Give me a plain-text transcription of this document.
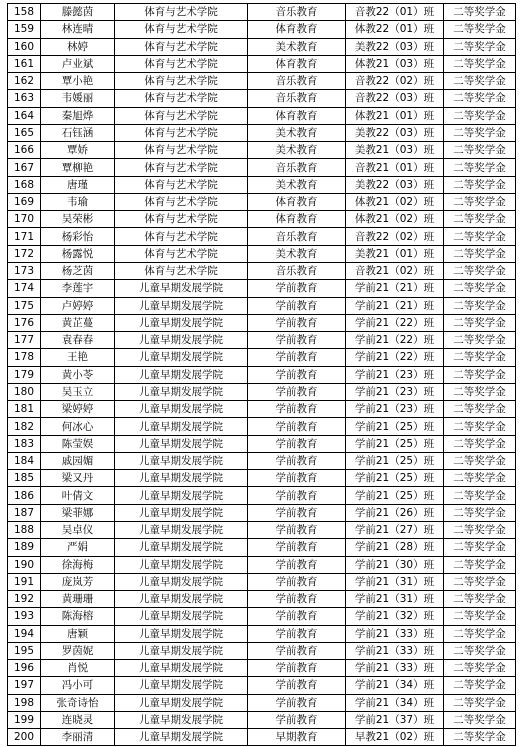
158	滕懿茵	体育与艺术学院	音乐教育	音教22（01）班	二等奖学金
159	林连晴	体育与艺术学院	体育教育	体教22（01）班	二等奖学金
160	林婷	体育与艺术学院	美术教育	美教22（03）班	二等奖学金
161	卢业斌	体育与艺术学院	体育教育	体教21（03）班	二等奖学金
162	覃小艳	体育与艺术学院	音乐教育	音教22（02）班	二等奖学金
163	韦媛丽	体育与艺术学院	音乐教育	音教22（03）班	二等奖学金
164	秦旭烨	体育与艺术学院	体育教育	体教21（01）班	二等奖学金
165	石钰涵	体育与艺术学院	美术教育	美教22（03）班	二等奖学金
166	覃娇	体育与艺术学院	美术教育	美教21（03）班	二等奖学金
167	覃柳艳	体育与艺术学院	音乐教育	音教21（01）班	二等奖学金
168	唐瑾	体育与艺术学院	美术教育	美教22（03）班	二等奖学金
169	韦瑜	体育与艺术学院	体育教育	体教21（02）班	二等奖学金
170	吴荣彬	体育与艺术学院	体育教育	体教21（02）班	二等奖学金
171	杨彩怡	体育与艺术学院	音乐教育	音教22（02）班	二等奖学金
172	杨露悦	体育与艺术学院	美术教育	美教21（01）班	二等奖学金
173	杨芝茵	体育与艺术学院	音乐教育	音教21（02）班	二等奖学金
174	李莲宇	儿童早期发展学院	学前教育	学前21（21）班	二等奖学金
175	卢婷婷	儿童早期发展学院	学前教育	学前21（21）班	二等奖学金
176	黄芷蔓	儿童早期发展学院	学前教育	学前21（22）班	二等奖学金
177	袁春春	儿童早期发展学院	学前教育	学前21（22）班	二等奖学金
178	王艳	儿童早期发展学院	学前教育	学前21（22）班	二等奖学金
179	黄小苓	儿童早期发展学院	学前教育	学前21（23）班	二等奖学金
180	吴玉立	儿童早期发展学院	学前教育	学前21（23）班	二等奖学金
181	梁婷婷	儿童早期发展学院	学前教育	学前21（23）班	二等奖学金
182	何冰心	儿童早期发展学院	学前教育	学前21（25）班	二等奖学金
183	陈莹娱	儿童早期发展学院	学前教育	学前21（25）班	二等奖学金
184	戚园媚	儿童早期发展学院	学前教育	学前21（25）班	二等奖学金
185	梁又丹	儿童早期发展学院	学前教育	学前21（25）班	二等奖学金
186	叶倩文	儿童早期发展学院	学前教育	学前21（25）班	二等奖学金
187	梁菲娜	儿童早期发展学院	学前教育	学前21（26）班	二等奖学金
188	吴卓仪	儿童早期发展学院	学前教育	学前21（27）班	二等奖学金
189	严娟	儿童早期发展学院	学前教育	学前21（28）班	二等奖学金
190	徐海梅	儿童早期发展学院	学前教育	学前21（30）班	二等奖学金
191	庞岚芳	儿童早期发展学院	学前教育	学前21（31）班	二等奖学金
192	黄珊珊	儿童早期发展学院	学前教育	学前21（31）班	二等奖学金
193	陈海榕	儿童早期发展学院	学前教育	学前21（32）班	二等奖学金
194	唐颖	儿童早期发展学院	学前教育	学前21（33）班	二等奖学金
195	罗茵妮	儿童早期发展学院	学前教育	学前21（33）班	二等奖学金
196	肖悦	儿童早期发展学院	学前教育	学前21（33）班	二等奖学金
197	冯小可	儿童早期发展学院	学前教育	学前21（34）班	二等奖学金
198	张奇诗怡	儿童早期发展学院	学前教育	学前21（34）班	二等奖学金
199	连晓灵	儿童早期发展学院	学前教育	学前21（37）班	二等奖学金
200	李丽清	儿童早期发展学院	早期教育	早教21（02）班	二等奖学金
